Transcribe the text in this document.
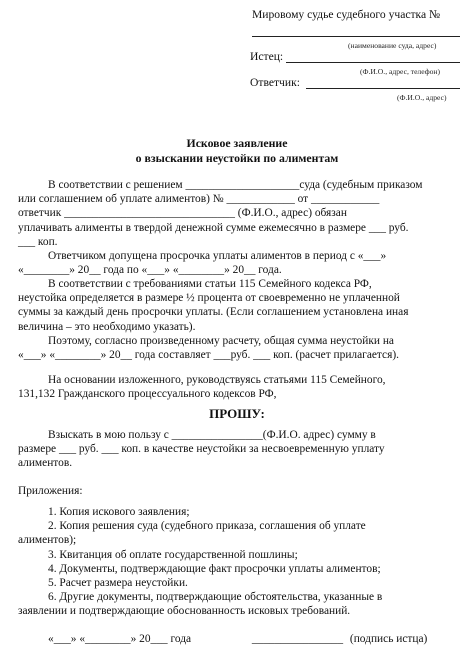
Мировому судье судебного участка №
(наименование суда, адрес)
Истец:
(Ф.И.О., адрес, телефон)
Ответчик:
(Ф.И.О., адрес)
Исковое заявление
о взыскании неустойки по алиментам

В соответствии с решением ____________________суда (судебным приказом

или соглашением об уплате алиментов) № ____________ от ____________

ответчик ______________________________ (Ф.И.О., адрес) обязан

уплачивать алименты в твердой денежной сумме ежемесячно в размере ___ руб.

___ коп.

Ответчиком допущена просрочка уплаты алиментов в период с «___»

«________» 20__ года по «___» «________» 20__ года.

В соответствии с требованиями статьи 115 Семейного кодекса РФ,

неустойка определяется в размере ½ процента от своевременно не уплаченной

суммы за каждый день просрочки уплаты. (Если соглашением установлена иная

величина – это необходимо указать).

Поэтому, согласно произведенному расчету, общая сумма неустойки на

«___» «________» 20__ года составляет ___руб. ___ коп. (расчет прилагается).

На основании изложенного, руководствуясь статьями 115 Семейного,

131,132 Гражданского процессуального кодексов РФ,

ПРОШУ:

Взыскать в мою пользу с ________________(Ф.И.О. адрес) сумму в

размере ___ руб. ___ коп. в качестве неустойки за несвоевременную уплату

алиментов.

Приложения:

1. Копия искового заявления;

2. Копия решения суда (судебного приказа, соглашения об уплате

алиментов);

3. Квитанция об оплате государственной пошлины;

4. Документы, подтверждающие факт просрочки уплаты алиментов;

5. Расчет размера неустойки.

6. Другие документы, подтверждающие обстоятельства, указанные в

заявлении и подтверждающие обоснованность исковых требований.

«___» «________» 20___ года	________________ (подпись истца)
